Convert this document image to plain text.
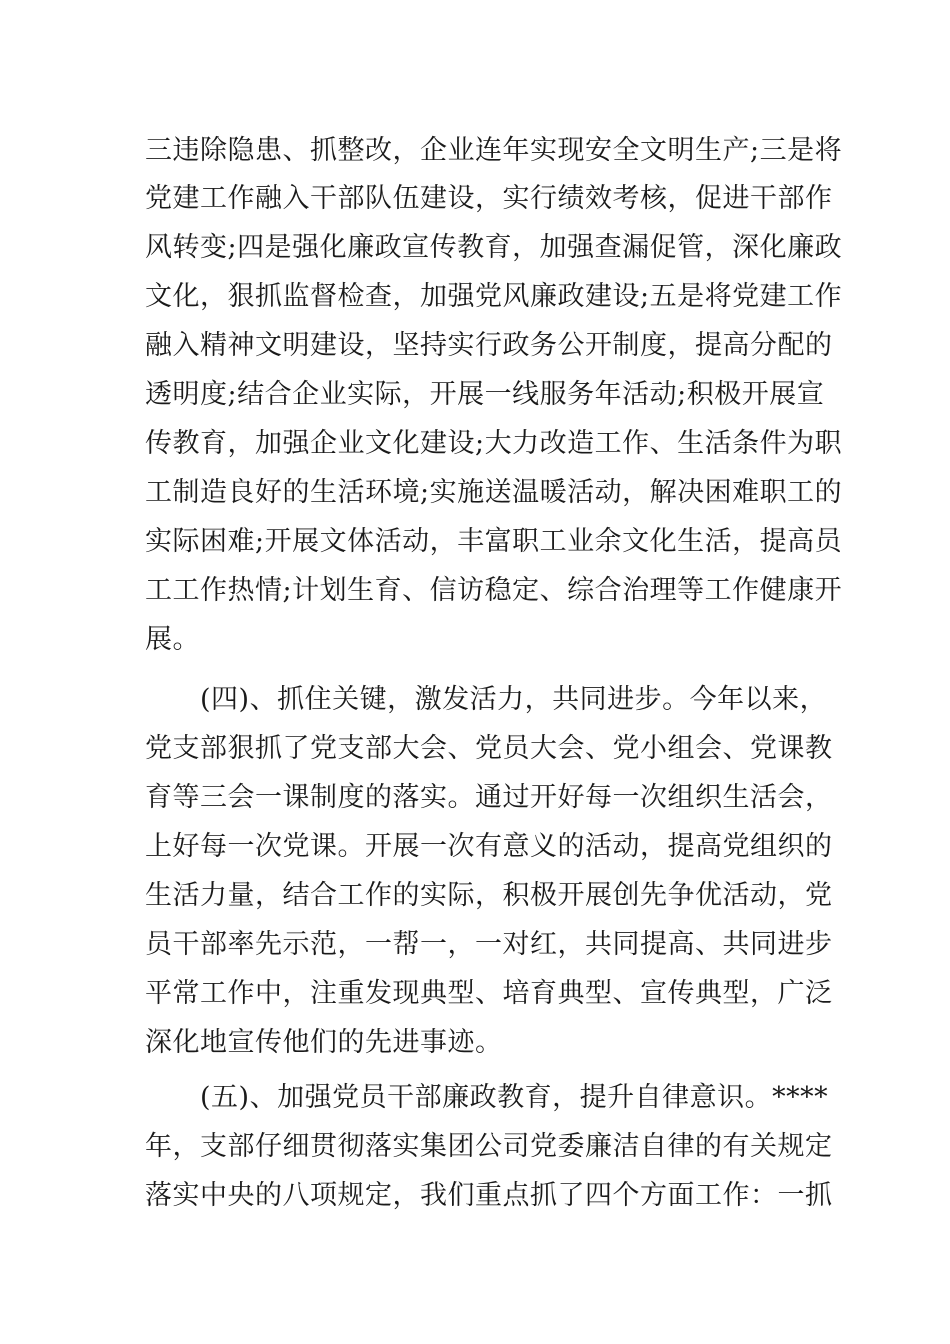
三违除隐患、抓整改，企业连年实现安全文明生产;三是将
党建工作融入干部队伍建设，实行绩效考核，促进干部作
风转变;四是强化廉政宣传教育，加强查漏促管，深化廉政
文化，狠抓监督检查，加强党风廉政建设;五是将党建工作
融入精神文明建设，坚持实行政务公开制度，提高分配的
透明度;结合企业实际，开展一线服务年活动;积极开展宣
传教育，加强企业文化建设;大力改造工作、生活条件为职
工制造良好的生活环境;实施送温暖活动，解决困难职工的
实际困难;开展文体活动，丰富职工业余文化生活，提高员
工工作热情;计划生育、信访稳定、综合治理等工作健康开
展。
(四)、抓住关键，激发活力，共同进步。今年以来，
党支部狠抓了党支部大会、党员大会、党小组会、党课教
育等三会一课制度的落实。通过开好每一次组织生活会，
上好每一次党课。开展一次有意义的活动，提高党组织的
生活力量，结合工作的实际，积极开展创先争优活动，党
员干部率先示范，一帮一，一对红，共同提高、共同进步
平常工作中，注重发现典型、培育典型、宣传典型，广泛
深化地宣传他们的先进事迹。
(五)、加强党员干部廉政教育，提升自律意识。****
年，支部仔细贯彻落实集团公司党委廉洁自律的有关规定
落实中央的八项规定，我们重点抓了四个方面工作：一抓
